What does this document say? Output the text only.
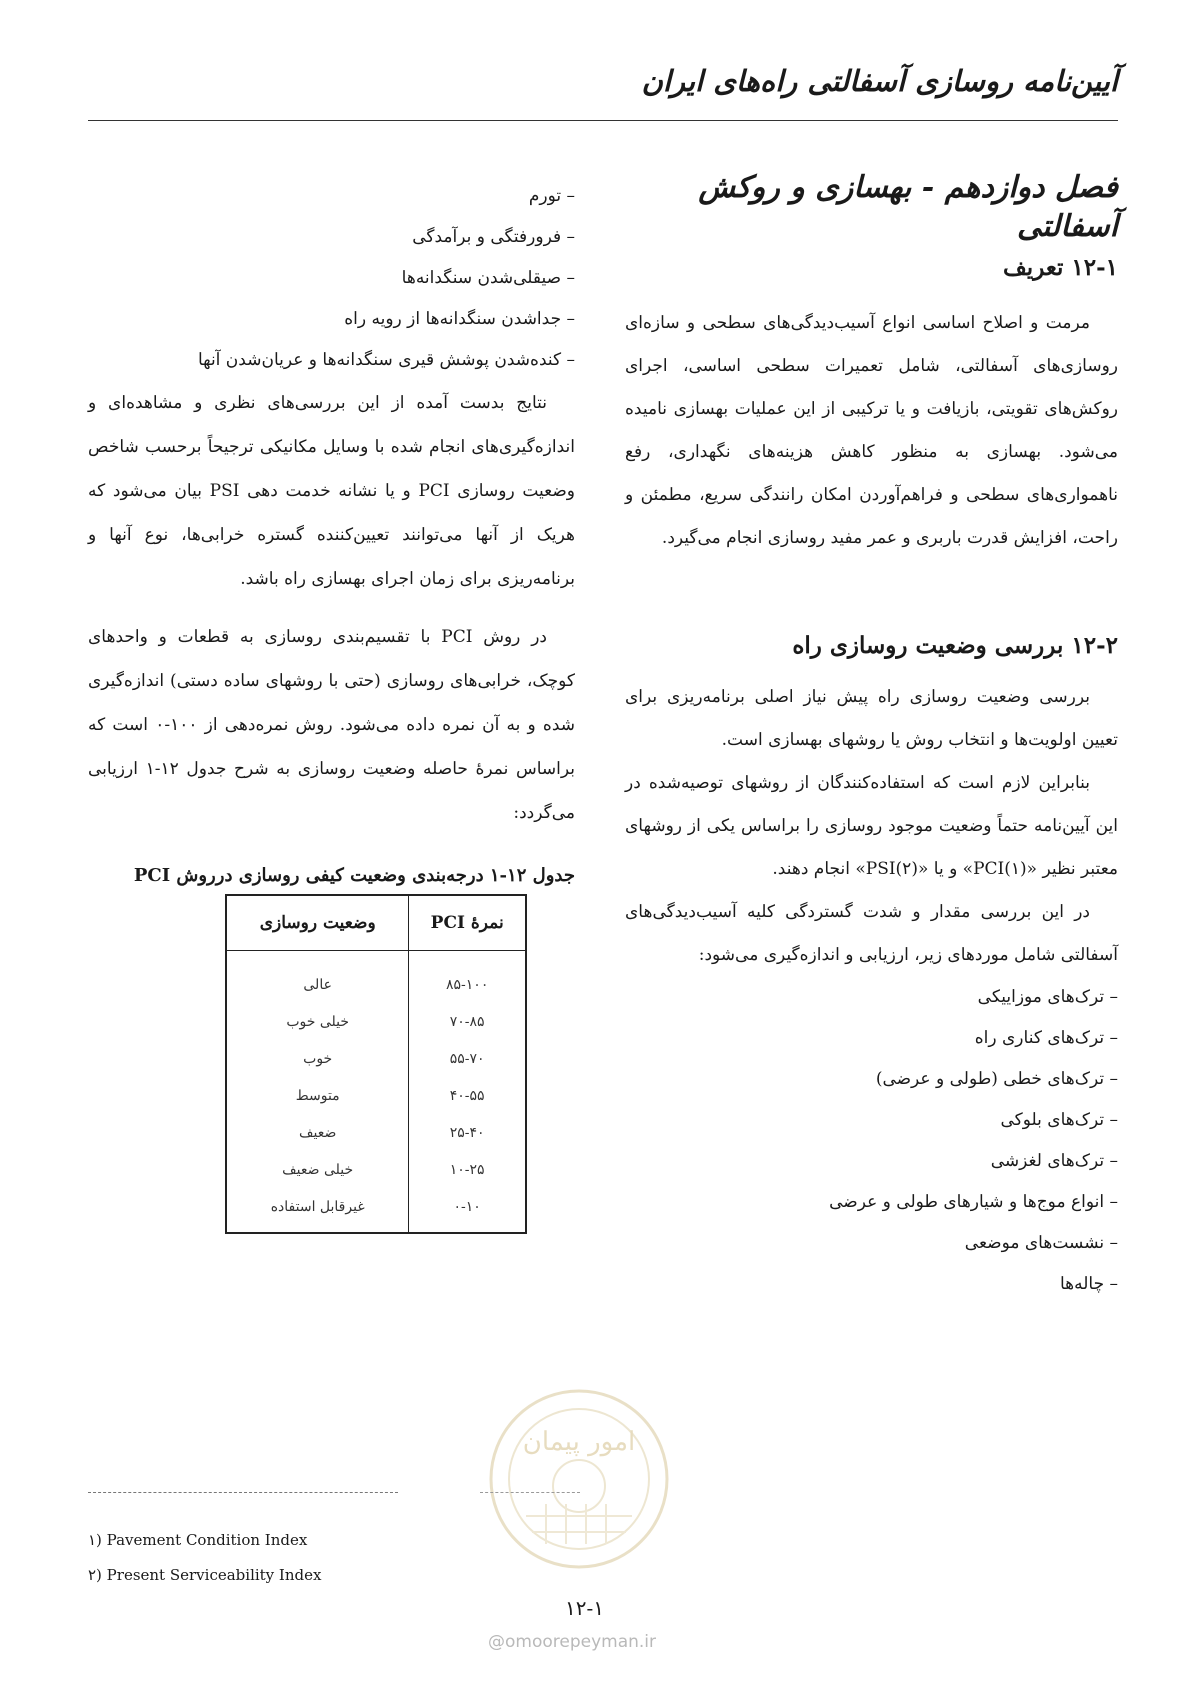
آیین‌نامه روسازی آسفالتی راه‌های ایران
فصل دوازدهم - بهسازی و روکش آسفالتی
۱۲-۱ تعریف

مرمت و اصلاح اساسی انواع آسیب‌دیدگی‌های سطحی و سازه‌ای روسازی‌های آسفالتی، شامل تعمیرات سطحی اساسی، اجرای روکش‌های تقویتی، بازیافت و یا ترکیبی از این عملیات بهسازی نامیده می‌شود. بهسازی به منظور کاهش هزینه‌های نگهداری، رفع ناهمواری‌های سطحی و فراهم‌آوردن امکان رانندگی سریع، مطمئن و راحت، افزایش قدرت باربری و عمر مفید روسازی انجام می‌گیرد.

۱۲-۲ بررسی وضعیت روسازی راه

بررسی وضعیت روسازی راه پیش نیاز اصلی برنامه‌ریزی برای تعیین اولویت‌ها و انتخاب روش یا روشهای بهسازی است.

بنابراین لازم است که استفاده‌کنندگان از روشهای توصیه‌شده در این آیین‌نامه حتماً وضعیت موجود روسازی را براساس یکی از روشهای معتبر نظیر «PCI(۱)» و یا «PSI(۲)» انجام دهند.

در این بررسی مقدار و شدت گستردگی کلیه آسیب‌دیدگی‌های آسفالتی شامل موردهای زیر، ارزیابی و اندازه‌گیری می‌شود:

– ترک‌های موزاییکی
– ترک‌های کناری راه
– ترک‌های خطی (طولی و عرضی)
– ترک‌های بلوکی
– ترک‌های لغزشی
– انواع موج‌ها و شیارهای طولی و عرضی
– نشست‌های موضعی
– چاله‌ها
– تورم
– فرورفتگی و برآمدگی
– صیقلی‌شدن سنگدانه‌ها
– جداشدن سنگدانه‌ها از رویه راه
– کنده‌شدن پوشش قیری سنگدانه‌ها و عریان‌شدن آنها

نتایج بدست آمده از این بررسی‌های نظری و مشاهده‌ای و اندازه‌گیری‌های انجام شده با وسایل مکانیکی ترجیحاً برحسب شاخص وضعیت روسازی PCI و یا نشانه خدمت دهی PSI بیان می‌شود که هریک از آنها می‌توانند تعیین‌کننده گستره خرابی‌ها، نوع آنها و برنامه‌ریزی برای زمان اجرای بهسازی راه باشد.

در روش PCI با تقسیم‌بندی روسازی به قطعات و واحدهای کوچک، خرابی‌های روسازی (حتی با روشهای ساده دستی) اندازه‌گیری شده و به آن نمره داده می‌شود. روش نمره‌دهی از ۱۰۰-۰ است که براساس نمرهٔ حاصله وضعیت روسازی به شرح جدول ۱۲-۱ ارزیابی می‌گردد:

جدول ۱۲-۱ درجه‌بندی وضعیت کیفی روسازی درروش PCI
نمرهٔ PCI	وضعیت روسازی
۸۵-۱۰۰	عالی
۷۰-۸۵	خیلی خوب
۵۵-۷۰	خوب
۴۰-۵۵	متوسط
۲۵-۴۰	ضعیف
۱۰-۲۵	خیلی ضعیف
۰-۱۰	غیرقابل استفاده
امور پیمان
۱) Pavement Condition Index
۲) Present Serviceability Index
۱۲-۱
@omoorepeyman.ir
